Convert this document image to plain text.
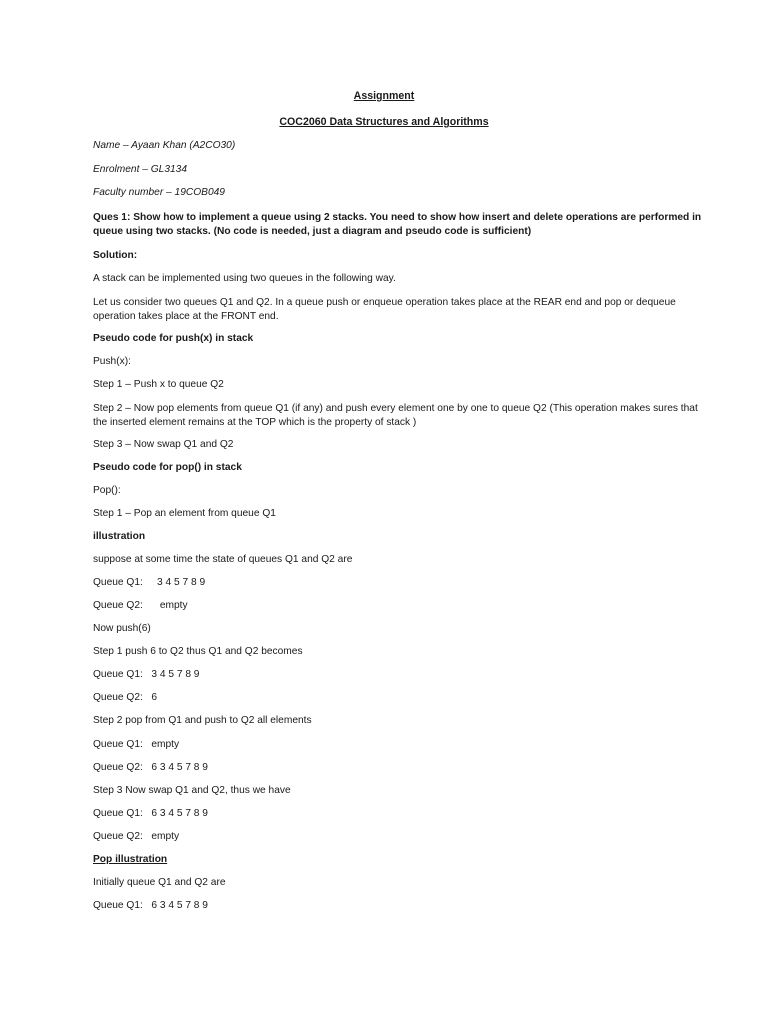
Assignment
COC2060 Data Structures and Algorithms
Name – Ayaan Khan (A2CO30)
Enrolment – GL3134
Faculty number – 19COB049
Ques 1: Show how to implement a queue using 2 stacks. You need to show how insert and delete operations are performed in queue using two stacks. (No code is needed, just a diagram and pseudo code is sufficient)
Solution:
A stack can be implemented using two queues in the following way.
Let us consider two queues Q1 and Q2. In a queue push or enqueue operation takes place at the REAR end and pop or dequeue operation takes place at the FRONT end.
Pseudo code for push(x) in stack
Push(x):
Step 1 – Push x to queue Q2
Step 2 – Now pop elements from queue Q1 (if any) and push every element one by one to queue Q2 (This operation makes sures that the inserted element remains at the TOP which is the property of stack )
Step 3 – Now swap Q1 and Q2
Pseudo code for pop() in stack
Pop():
Step 1 – Pop an element from queue Q1
illustration
suppose at some time the state of queues Q1 and Q2 are
Queue Q1:     3 4 5 7 8 9
Queue Q2:      empty
Now push(6)
Step 1 push 6 to Q2 thus Q1 and Q2 becomes
Queue Q1:   3 4 5 7 8 9
Queue Q2:   6
Step 2 pop from Q1 and push to Q2 all elements
Queue Q1:   empty
Queue Q2:   6 3 4 5 7 8 9
Step 3 Now swap Q1 and Q2, thus we have
Queue Q1:   6 3 4 5 7 8 9
Queue Q2:   empty
Pop illustration
Initially queue Q1 and Q2 are
Queue Q1:   6 3 4 5 7 8 9
